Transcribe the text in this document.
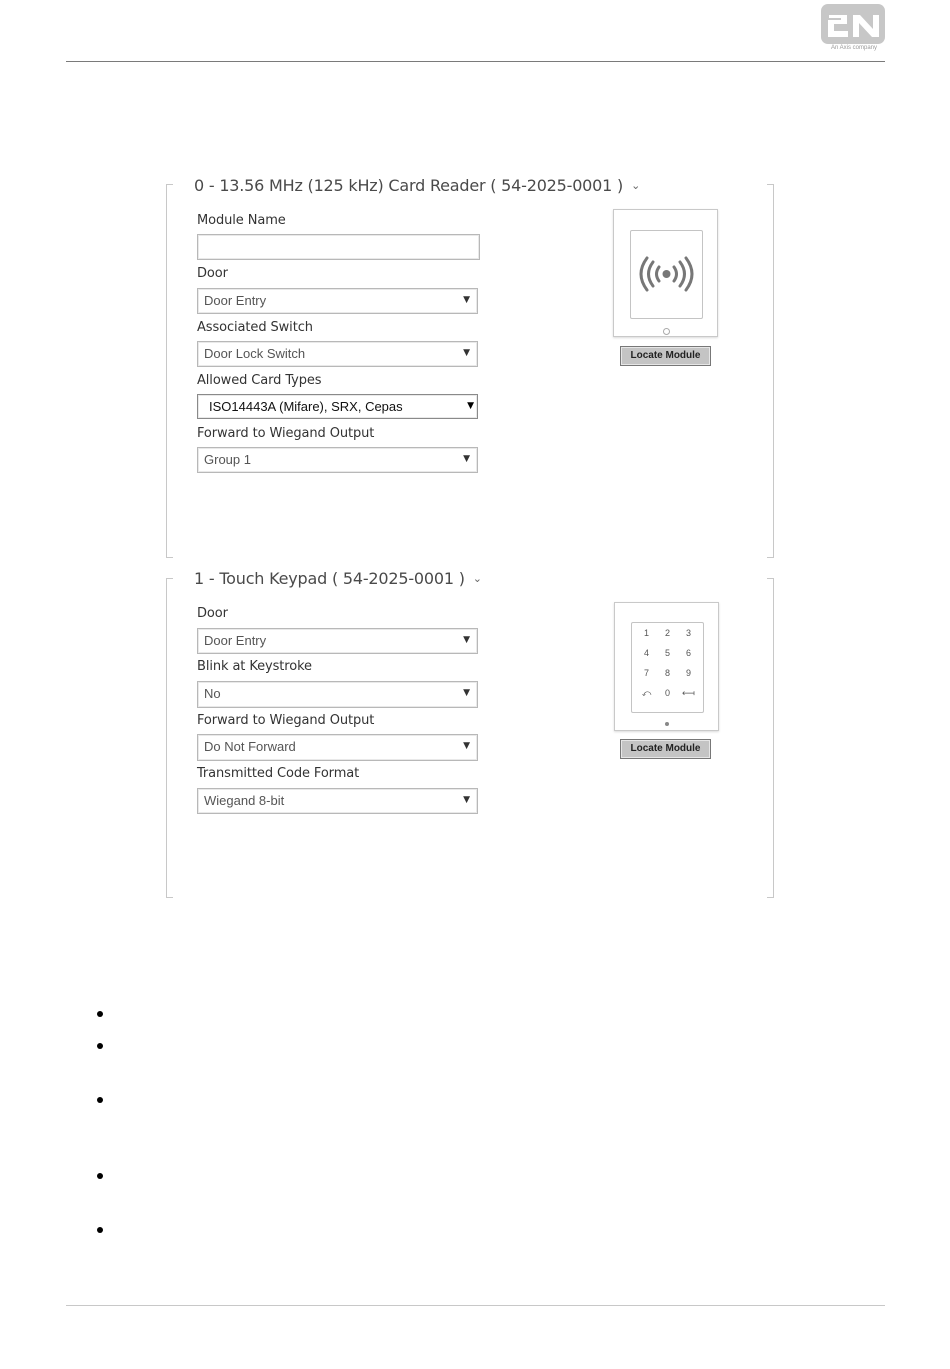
An Axis company
0 - 13.56 MHz (125 kHz) Card Reader ( 54-2025-0001 ) ⌄
Module Name
Door
Door Entry	▼
Associated Switch
Door Lock Switch	▼
Allowed Card Types
ISO14443A (Mifare), SRX, Cepas	▼
Forward to Wiegand Output
Group 1	▼
Locate Module
1 - Touch Keypad ( 54-2025-0001 ) ⌄
Door
Door Entry	▼
Blink at Keystroke
No	▼
Forward to Wiegand Output
Do Not Forward	▼
Transmitted Code Format
Wiegand 8-bit	▼
1	2	3
4	5	6
7	8	9
⤺	0	⟻
Locate Module
